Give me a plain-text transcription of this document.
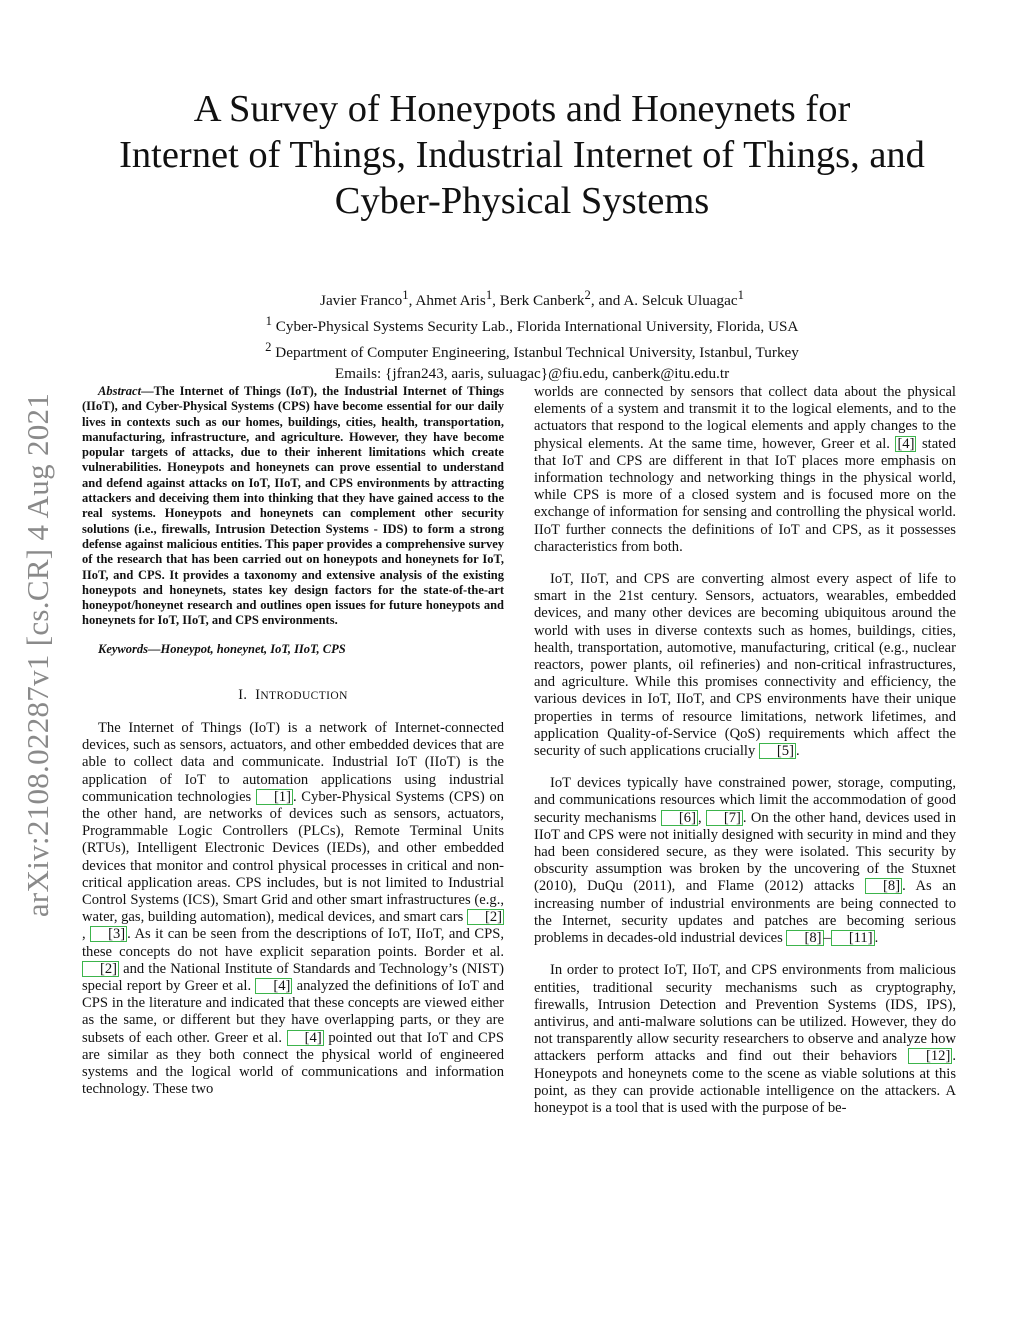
arXiv:2108.02287v1 [cs.CR] 4 Aug 2021
A Survey of Honeypots and Honeynets for
Internet of Things, Industrial Internet of Things, and
Cyber-Physical Systems
Javier Franco$^1$, Ahmet Aris$^1$, Berk Canberk$^2$, and A. Selcuk Uluagac$^1$
$^1$ Cyber-Physical Systems Security Lab., Florida International University, Florida, USA
$^2$ Department of Computer Engineering, Istanbul Technical University, Istanbul, Turkey
Emails: {jfran243, aaris, suluagac}@fiu.edu, canberk@itu.edu.tr

Abstract—The Internet of Things (IoT), the Industrial Internet of Things (IIoT), and Cyber-Physical Systems (CPS) have become essential for our daily lives in contexts such as our homes, buildings, cities, health, transportation, manufacturing, infrastructure, and agriculture. However, they have become popular targets of attacks, due to their inherent limitations which create vulnerabilities. Honeypots and honeynets can prove essential to understand and defend against attacks on IoT, IIoT, and CPS environments by attracting attackers and deceiving them into thinking that they have gained access to the real systems. Honeypots and honeynets can complement other security solutions (i.e., firewalls, Intrusion Detection Systems - IDS) to form a strong defense against malicious entities. This paper provides a comprehensive survey of the research that has been carried out on honeypots and honeynets for IoT, IIoT, and CPS. It provides a taxonomy and extensive analysis of the existing honeypots and honeynets, states key design factors for the state-of-the-art honeypot/honeynet research and outlines open issues for future honeypots and honeynets for IoT, IIoT, and CPS environments.

Keywords—Honeypot, honeynet, IoT, IIoT, CPS

I. INTRODUCTION

The Internet of Things (IoT) is a network of Internet-connected devices, such as sensors, actuators, and other embedded devices that are able to collect data and communicate. Industrial IoT (IIoT) is the application of IoT to automation applications using industrial communication technologies [1] . Cyber-Physical Systems (CPS) on the other hand, are networks of devices such as sensors, actuators, Programmable Logic Controllers (PLCs), Remote Terminal Units (RTUs), Intelligent Electronic Devices (IEDs), and other embedded devices that monitor and control physical processes in critical and non-critical application areas. CPS includes, but is not limited to Industrial Control Systems (ICS), Smart Grid and other smart infrastructures (e.g., water, gas, building automation), medical devices, and smart cars [2], [3] . As it can be seen from the descriptions of IoT, IIoT, and CPS, these concepts do not have explicit separation points. Border et al. [2] and the National Institute of Standards and Technology’s (NIST) special report by Greer et al. [4] analyzed the definitions of IoT and CPS in the literature and indicated that these concepts are viewed either as the same, or different but they have overlapping parts, or they are subsets of each other. Greer et al. [4] pointed out that IoT and CPS are similar as they both connect the physical world of engineered systems and the logical world of communications and information technology. These two

worlds are connected by sensors that collect data about the physical elements of a system and transmit it to the logical elements, and to the actuators that respond to the logical elements and apply changes to the physical elements. At the same time, however, Greer et al. [4] stated that IoT and CPS are different in that IoT places more emphasis on information technology and networking things in the physical world, while CPS is more of a closed system and is focused more on the exchange of information for sensing and controlling the physical world. IIoT further connects the definitions of IoT and CPS, as it possesses characteristics from both.

IoT, IIoT, and CPS are converting almost every aspect of life to smart in the 21st century. Sensors, actuators, wearables, embedded devices, and many other devices are becoming ubiquitous around the world with uses in diverse contexts such as homes, buildings, cities, health, transportation, automotive, manufacturing, critical (e.g., nuclear reactors, power plants, oil refineries) and non-critical infrastructures, and agriculture. While this promises connectivity and efficiency, the various devices in IoT, IIoT, and CPS environments have their unique properties in terms of resource limitations, network lifetimes, and application Quality-of-Service (QoS) requirements which affect the security of such applications crucially [5] .

IoT devices typically have constrained power, storage, computing, and communications resources which limit the accommodation of good security mechanisms [6] , [7] . On the other hand, devices used in IIoT and CPS were not initially designed with security in mind and they had been considered secure, as they were isolated. This security by obscurity assumption was broken by the uncovering of the Stuxnet (2010), DuQu (2011), and Flame (2012) attacks [8] . As an increasing number of industrial environments are being connected to the Internet, security updates and patches are becoming serious problems in decades-old industrial devices [8] – [11] .

In order to protect IoT, IIoT, and CPS environments from malicious entities, traditional security mechanisms such as cryptography, firewalls, Intrusion Detection and Prevention Systems (IDS, IPS), antivirus, and anti-malware solutions can be utilized. However, they do not transparently allow security researchers to observe and analyze how attackers perform attacks and find out their behaviors [12] . Honeypots and honeynets come to the scene as viable solutions at this point, as they can provide actionable intelligence on the attackers. A honeypot is a tool that is used with the purpose of be-
